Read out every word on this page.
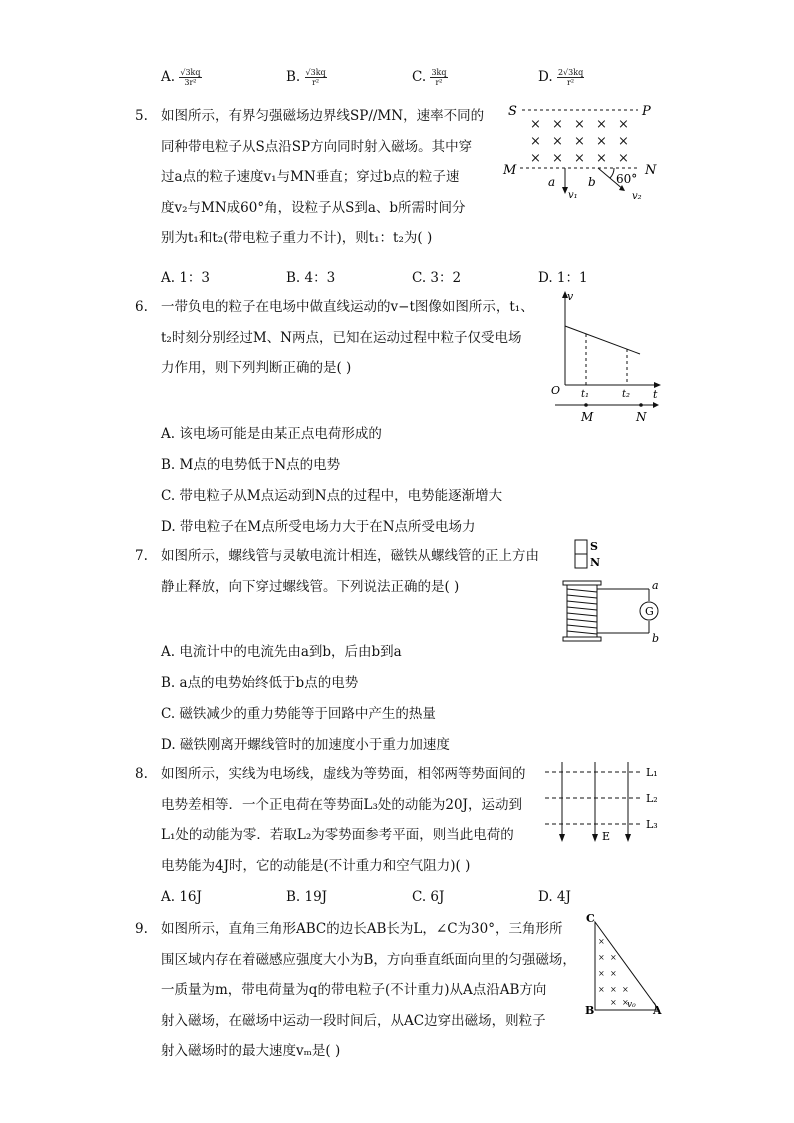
A. $\frac{√3kq}{\text{3r²}}$	B. $\frac{√3kq}{\text{r²}}$	C. $\frac{3kq}{\text{r²}}$	D. $\frac{2√3kq}{\text{r²}}$
5. 如图所示，有界匀强磁场边界线SP//MN，速率不同的
同种带电粒子从S点沿SP方向同时射入磁场。其中穿
过a点的粒子速度v₁与MN垂直；穿过b点的粒子速
度v₂与MN成60°角，设粒子从S到a、b所需时间分
别为t₁和t₂(带电粒子重力不计)，则t₁：t₂为( )
A. 1：3	B. 4：3	C. 3：2	D. 1：1
S	P
× × × × ×
× × × × ×
× × × × ×
M	N
a
v₁
b 60°
v₂
6. 一带负电的粒子在电场中做直线运动的v−t图像如图所示，t₁、
t₂时刻分别经过M、N两点，已知在运动过程中粒子仅受电场
力作用，则下列判断正确的是( )
A. 该电场可能是由某正点电荷形成的
B. M点的电势低于N点的电势
C. 带电粒子从M点运动到N点的过程中，电势能逐渐增大
D. 带电粒子在M点所受电场力大于在N点所受电场力
v
t
O t₁	t₂
M	N
7. 如图所示，螺线管与灵敏电流计相连，磁铁从螺线管的正上方由
静止释放，向下穿过螺线管。下列说法正确的是( )
A. 电流计中的电流先由a到b，后由b到a
B. a点的电势始终低于b点的电势
C. 磁铁减少的重力势能等于回路中产生的热量
D. 磁铁刚离开螺线管时的加速度小于重力加速度
S
N
G
a
b
8. 如图所示，实线为电场线，虚线为等势面，相邻两等势面间的
电势差相等．一个正电荷在等势面L₃处的动能为20J，运动到
L₁处的动能为零．若取L₂为零势面参考平面，则当此电荷的
电势能为4J时，它的动能是(不计重力和空气阻力)( )
A. 16J	B. 19J	C. 6J	D. 4J
L₁
L₂
L₃
E
9. 如图所示，直角三角形ABC的边长AB长为L，∠C为30°，三角形所
围区域内存在着磁感应强度大小为B，方向垂直纸面向里的匀强磁场，
一质量为m，带电荷量为q的带电粒子(不计重力)从A点沿AB方向
射入磁场，在磁场中运动一段时间后，从AC边穿出磁场，则粒子
射入磁场时的最大速度vₘ是( )
C
B	A
×
× ×
× ×
× × ×
× ×
v₀
